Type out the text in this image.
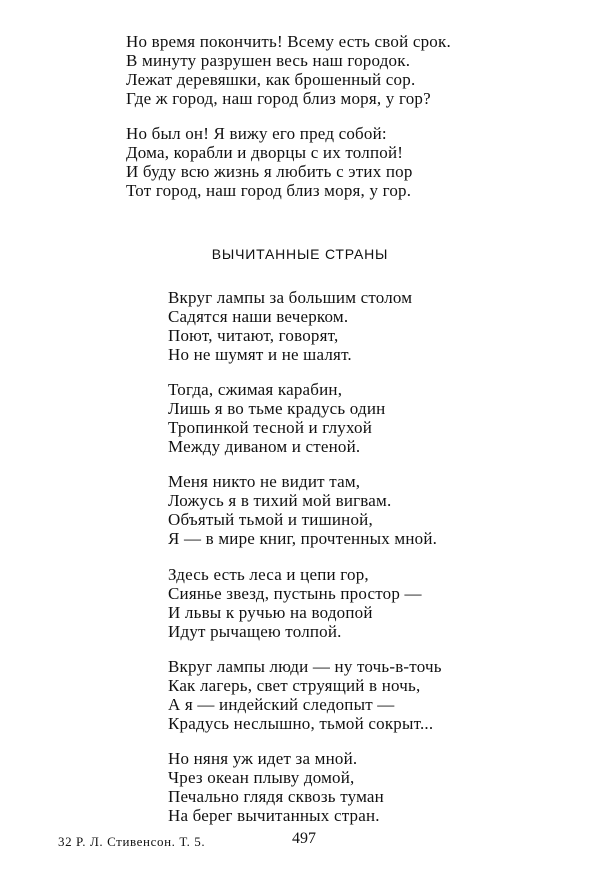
Но время покончить! Всему есть свой срок.
В минуту разрушен весь наш городок.
Лежат деревяшки, как брошенный сор.
Где ж город, наш город близ моря, у гор?
Но был он! Я вижу его пред собой:
Дома, корабли и дворцы с их толпой!
И буду всю жизнь я любить с этих пор
Тот город, наш город близ моря, у гор.
ВЫЧИТАННЫЕ СТРАНЫ
Вкруг лампы за большим столом
Садятся наши вечерком.
Поют, читают, говорят,
Но не шумят и не шалят.
Тогда, сжимая карабин,
Лишь я во тьме крадусь один
Тропинкой тесной и глухой
Между диваном и стеной.
Меня никто не видит там,
Ложусь я в тихий мой вигвам.
Объятый тьмой и тишиной,
Я — в мире книг, прочтенных мной.
Здесь есть леса и цепи гор,
Сиянье звезд, пустынь простор —
И львы к ручью на водопой
Идут рычащею толпой.
Вкруг лампы люди — ну точь-в-точь
Как лагерь, свет струящий в ночь,
А я — индейский следопыт —
Крадусь неслышно, тьмой сокрыт...
Но няня уж идет за мной.
Чрез океан плыву домой,
Печально глядя сквозь туман
На берег вычитанных стран.
32 Р. Л. Стивенсон. Т. 5.	497
